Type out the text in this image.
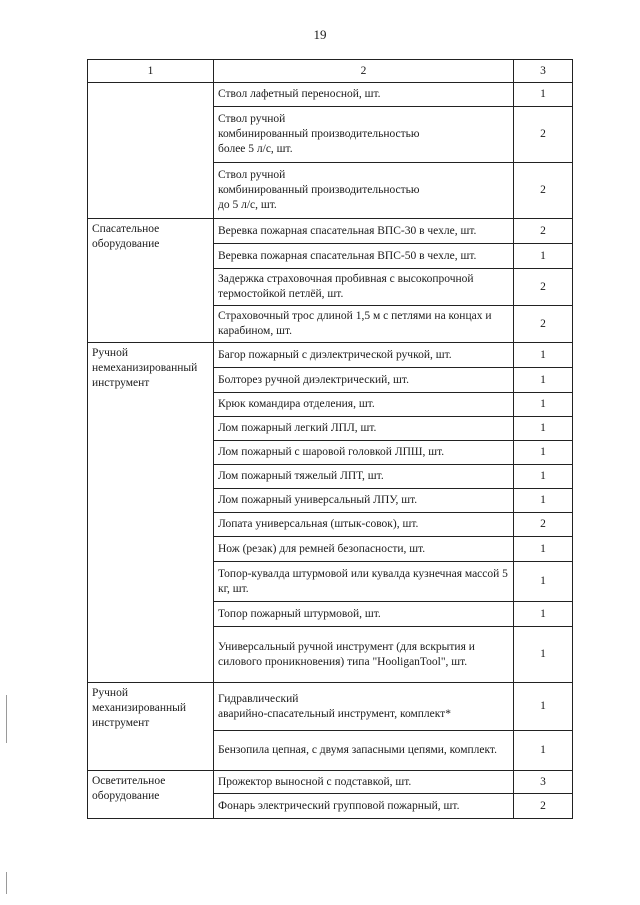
19
1	2	3
	Ствол лафетный переносной, шт.	1
	Ствол ручной
комбинированный производительностью
более 5 л/с, шт.	2
	Ствол ручной
комбинированный производительностью
до 5 л/с, шт.	2
Спасательное оборудование	Веревка пожарная спасательная ВПС-30 в чехле, шт.	2
	Веревка пожарная спасательная ВПС-50 в чехле, шт.	1
	Задержка страховочная пробивная с высокопрочной термостойкой петлёй, шт.	2
	Страховочный трос длиной 1,5 м с петлями на концах и карабином, шт.	2
Ручной немеханизированный инструмент	Багор пожарный с диэлектрической ручкой, шт.	1
	Болторез ручной диэлектрический, шт.	1
	Крюк командира отделения, шт.	1
	Лом пожарный легкий ЛПЛ, шт.	1
	Лом пожарный с шаровой головкой ЛПШ, шт.	1
	Лом пожарный тяжелый ЛПТ, шт.	1
	Лом пожарный универсальный ЛПУ, шт.	1
	Лопата универсальная (штык-совок), шт.	2
	Нож (резак) для ремней безопасности, шт.	1
	Топор-кувалда штурмовой или кувалда кузнечная массой 5 кг, шт.	1
	Топор пожарный штурмовой, шт.	1
	Универсальный ручной инструмент (для вскрытия и силового проникновения) типа "HooliganTool", шт.	1
Ручной механизированный инструмент	Гидравлический
аварийно-спасательный инструмент, комплект*	1
	Бензопила цепная, с двумя запасными цепями, комплект.	1
Осветительное оборудование	Прожектор выносной с подставкой, шт.	3
	Фонарь электрический групповой пожарный, шт.	2
